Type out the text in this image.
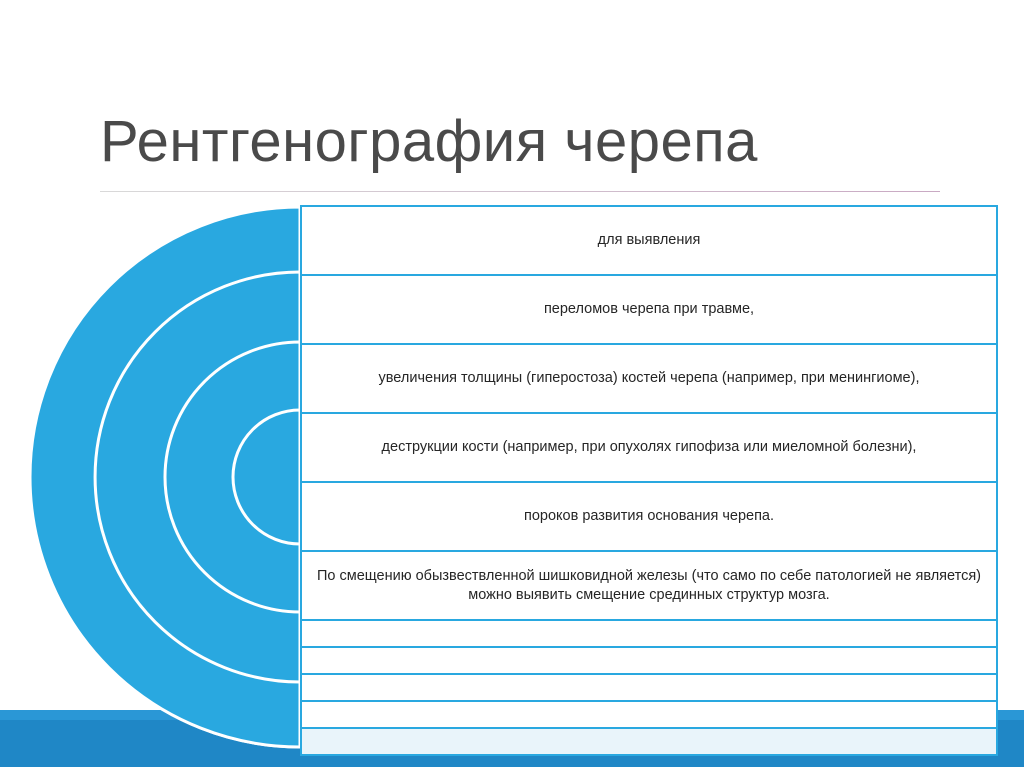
Рентгенография черепа
для выявления
переломов черепа при травме,
увеличения толщины (гиперостоза) костей черепа (например, при менингиоме),
деструкции кости (например, при опухолях гипофиза или миеломной болезни),
пороков развития основания черепа.
По смещению обызвествленной шишковидной железы (что само по себе патологией не является) можно выявить смещение срединных структур мозга.
